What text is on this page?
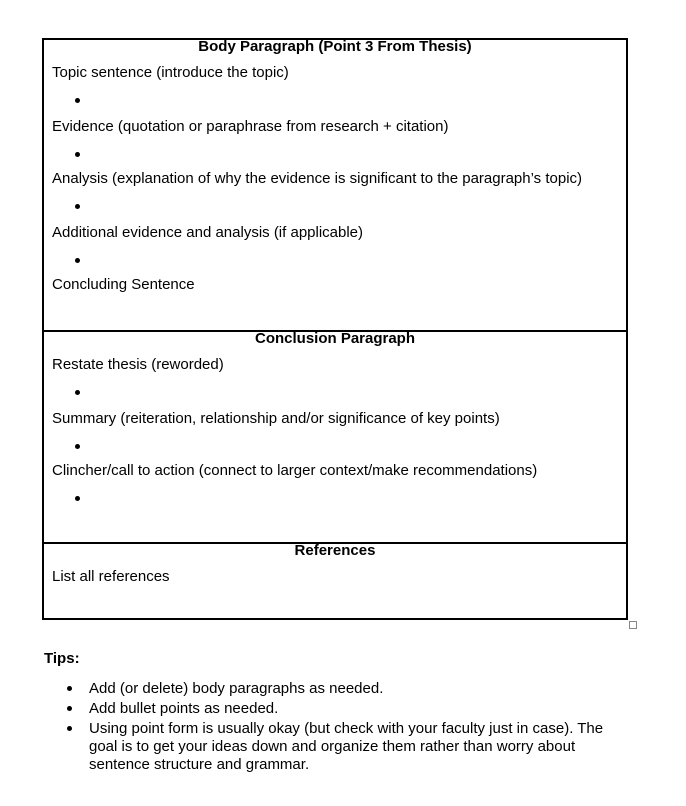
Body Paragraph (Point 3 From Thesis)
Topic sentence (introduce the topic)
Evidence (quotation or paraphrase from research + citation)
Analysis (explanation of why the evidence is significant to the paragraph’s topic)
Additional evidence and analysis (if applicable)
Concluding Sentence
Conclusion Paragraph
Restate thesis (reworded)
Summary (reiteration, relationship and/or significance of key points)
Clincher/call to action (connect to larger context/make recommendations)
References
List all references
Tips:
Add (or delete) body paragraphs as needed.
Add bullet points as needed.
Using point form is usually okay (but check with your faculty just in case). The goal is to get your ideas down and organize them rather than worry about sentence structure and grammar.
